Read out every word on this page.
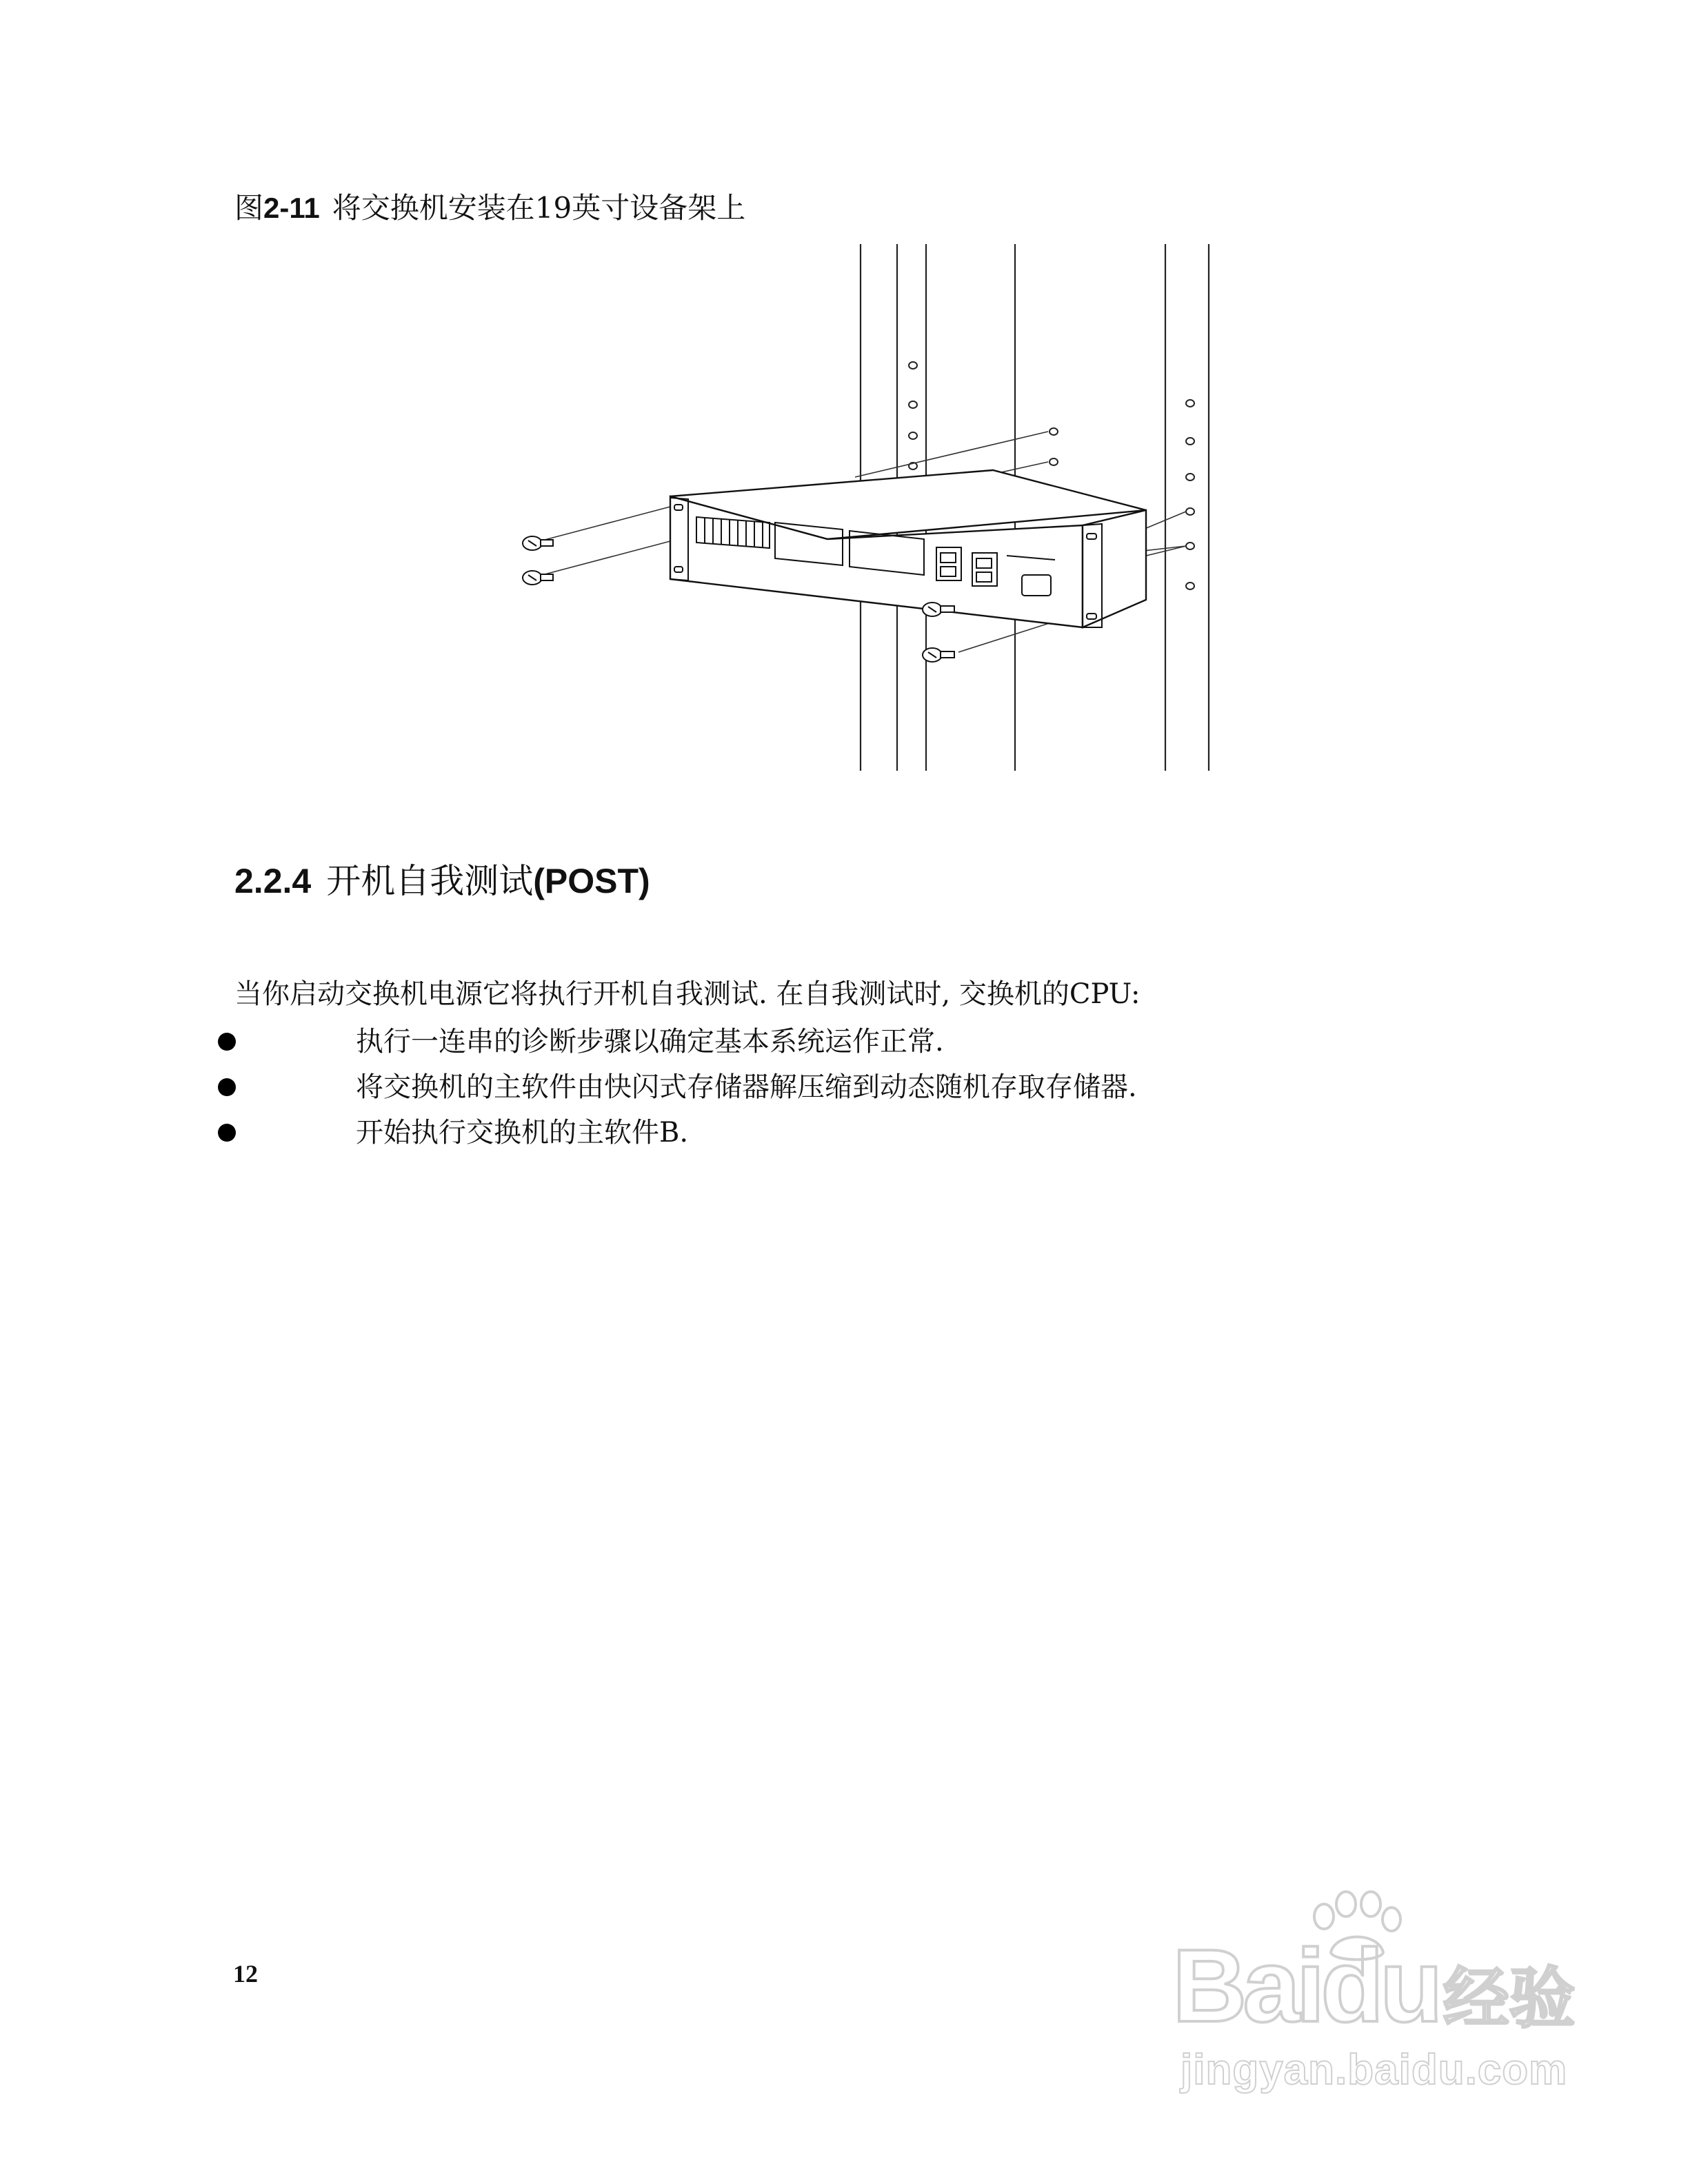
图2-11 将交换机安装在19英寸设备架上
2.2.4 开机自我测试(POST)
当你启动交换机电源它将执行开机自我测试. 在自我测试时, 交换机的CPU:
执行一连串的诊断步骤以确定基本系统运作正常.
将交换机的主软件由快闪式存储器解压缩到动态随机存取存储器.
开始执行交换机的主软件B.
12	Baidu经验
jingyan.baidu.com
